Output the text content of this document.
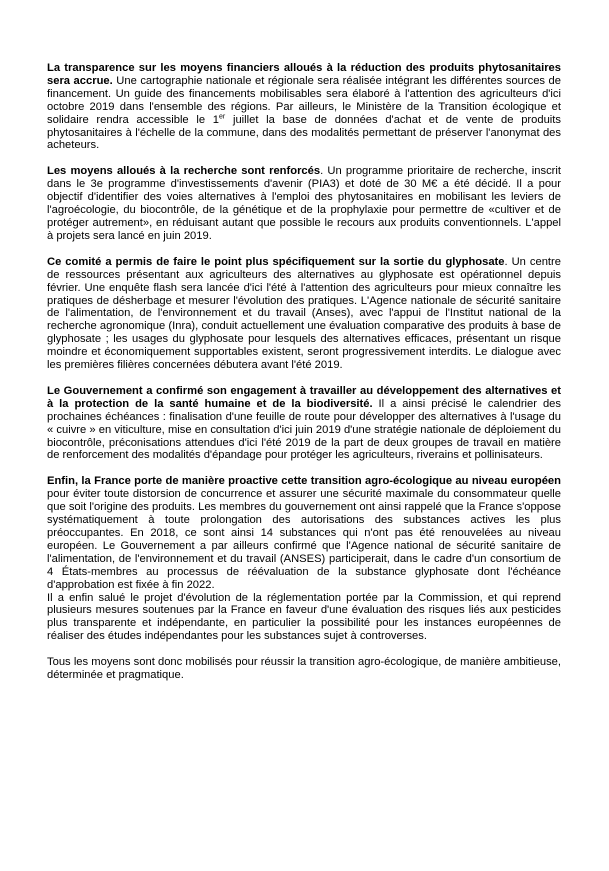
La transparence sur les moyens financiers alloués à la réduction des produits phytosanitaires sera accrue. Une cartographie nationale et régionale sera réalisée intégrant les différentes sources de financement. Un guide des financements mobilisables sera élaboré à l'attention des agriculteurs d'ici octobre 2019 dans l'ensemble des régions. Par ailleurs, le Ministère de la Transition écologique et solidaire rendra accessible le 1er juillet la base de données d'achat et de vente de produits phytosanitaires à l'échelle de la commune, dans des modalités permettant de préserver l'anonymat des acheteurs.

Les moyens alloués à la recherche sont renforcés. Un programme prioritaire de recherche, inscrit dans le 3e programme d'investissements d'avenir (PIA3) et doté de 30 M€ a été décidé. Il a pour objectif d'identifier des voies alternatives à l'emploi des phytosanitaires en mobilisant les leviers de l'agroécologie, du biocontrôle, de la génétique et de la prophylaxie pour permettre de «cultiver et de protéger autrement», en réduisant autant que possible le recours aux produits conventionnels. L'appel à projets sera lancé en juin 2019.

Ce comité a permis de faire le point plus spécifiquement sur la sortie du glyphosate. Un centre de ressources présentant aux agriculteurs des alternatives au glyphosate est opérationnel depuis février. Une enquête flash sera lancée d'ici l'été à l'attention des agriculteurs pour mieux connaître les pratiques de désherbage et mesurer l'évolution des pratiques. L'Agence nationale de sécurité sanitaire de l'alimentation, de l'environnement et du travail (Anses), avec l'appui de l'Institut national de la recherche agronomique (Inra), conduit actuellement une évaluation comparative des produits à base de glyphosate ; les usages du glyphosate pour lesquels des alternatives efficaces, présentant un risque moindre et économiquement supportables existent, seront progressivement interdits. Le dialogue avec les premières filières concernées débutera avant l'été 2019.

Le Gouvernement a confirmé son engagement à travailler au développement des alternatives et à la protection de la santé humaine et de la biodiversité. Il a ainsi précisé le calendrier des prochaines échéances : finalisation d'une feuille de route pour développer des alternatives à l'usage du « cuivre » en viticulture, mise en consultation d'ici juin 2019 d'une stratégie nationale de déploiement du biocontrôle, préconisations attendues d'ici l'été 2019 de la part de deux groupes de travail en matière de renforcement des modalités d'épandage pour protéger les agriculteurs, riverains et pollinisateurs.

Enfin, la France porte de manière proactive cette transition agro-écologique au niveau européen pour éviter toute distorsion de concurrence et assurer une sécurité maximale du consommateur quelle que soit l'origine des produits. Les membres du gouvernement ont ainsi rappelé que la France s'oppose systématiquement à toute prolongation des autorisations des substances actives les plus préoccupantes. En 2018, ce sont ainsi 14 substances qui n'ont pas été renouvelées au niveau européen. Le Gouvernement a par ailleurs confirmé que l'Agence national de sécurité sanitaire de l'alimentation, de l'environnement et du travail (ANSES) participerait, dans le cadre d'un consortium de 4 États-membres au processus de réévaluation de la substance glyphosate dont l'échéance d'approbation est fixée à fin 2022.

Il a enfin salué le projet d'évolution de la réglementation portée par la Commission, et qui reprend plusieurs mesures soutenues par la France en faveur d'une évaluation des risques liés aux pesticides plus transparente et indépendante, en particulier la possibilité pour les instances européennes de réaliser des études indépendantes pour les substances sujet à controverses.

Tous les moyens sont donc mobilisés pour réussir la transition agro-écologique, de manière ambitieuse, déterminée et pragmatique.
